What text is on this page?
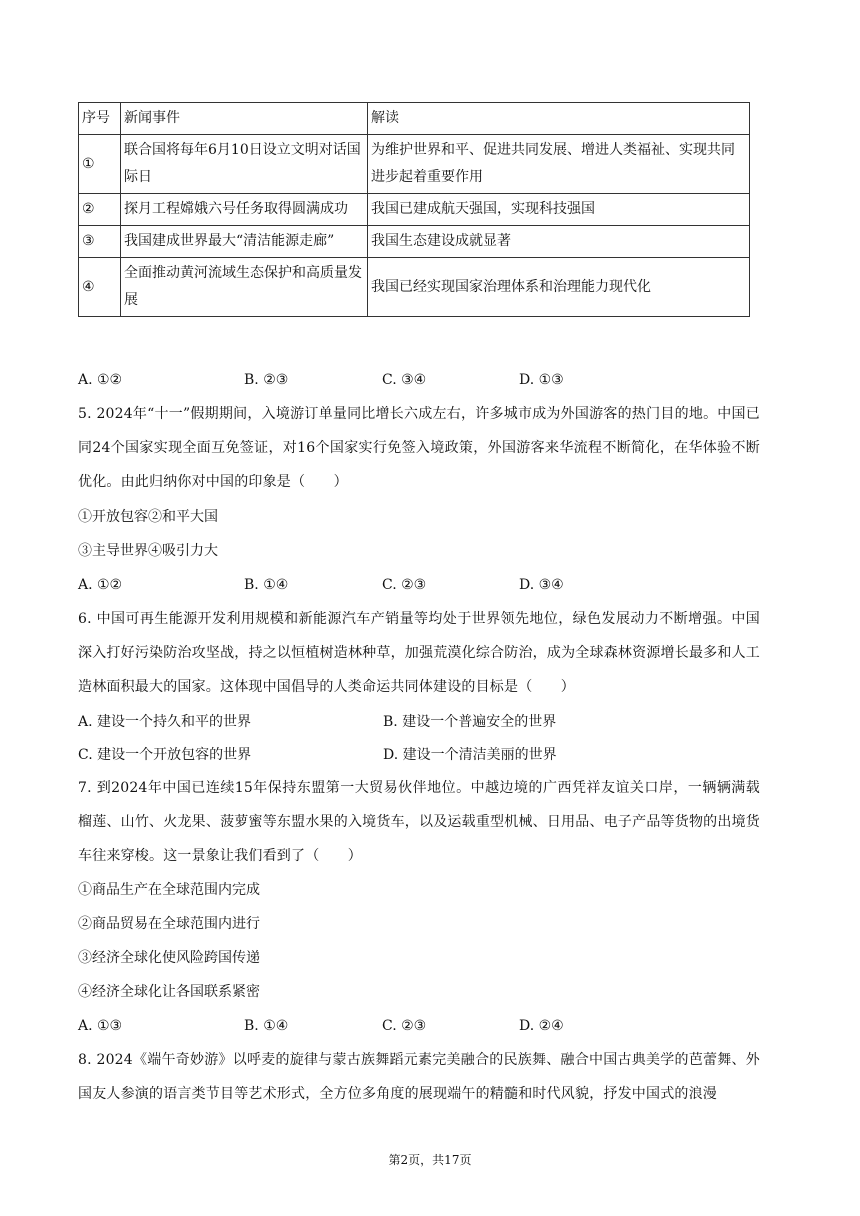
序号	新闻事件	解读
①	联合国将每年6月10日设立文明对话国际日	为维护世界和平、促进共同发展、增进人类福祉、实现共同进步起着重要作用
②	探月工程嫦娥六号任务取得圆满成功	我国已建成航天强国，实现科技强国
③	我国建成世界最大“清洁能源走廊”	我国生态建设成就显著
④	全面推动黄河流域生态保护和高质量发展	我国已经实现国家治理体系和治理能力现代化
A. ①②	B. ②③	C. ③④	D. ①③
5. 2024年“十一”假期期间，入境游订单量同比增长六成左右，许多城市成为外国游客的热门目的地。中国已同24个国家实现全面互免签证，对16个国家实行免签入境政策，外国游客来华流程不断简化，在华体验不断优化。由此归纳你对中国的印象是（　　）
①开放包容②和平大国
③主导世界④吸引力大
A. ①②	B. ①④	C. ②③	D. ③④
6. 中国可再生能源开发利用规模和新能源汽车产销量等均处于世界领先地位，绿色发展动力不断增强。中国深入打好污染防治攻坚战，持之以恒植树造林种草，加强荒漠化综合防治，成为全球森林资源增长最多和人工造林面积最大的国家。这体现中国倡导的人类命运共同体建设的目标是（　　）
A. 建设一个持久和平的世界	B. 建设一个普遍安全的世界
C. 建设一个开放包容的世界	D. 建设一个清洁美丽的世界
7. 到2024年中国已连续15年保持东盟第一大贸易伙伴地位。中越边境的广西凭祥友谊关口岸，一辆辆满载榴莲、山竹、火龙果、菠萝蜜等东盟水果的入境货车，以及运载重型机械、日用品、电子产品等货物的出境货车往来穿梭。这一景象让我们看到了（　　）
①商品生产在全球范围内完成
②商品贸易在全球范围内进行
③经济全球化使风险跨国传递
④经济全球化让各国联系紧密
A. ①③	B. ①④	C. ②③	D. ②④
8. 2024《端午奇妙游》以呼麦的旋律与蒙古族舞蹈元素完美融合的民族舞、融合中国古典美学的芭蕾舞、外国友人参演的语言类节目等艺术形式，全方位多角度的展现端午的精髓和时代风貌，抒发中国式的浪漫
第2页，共17页
